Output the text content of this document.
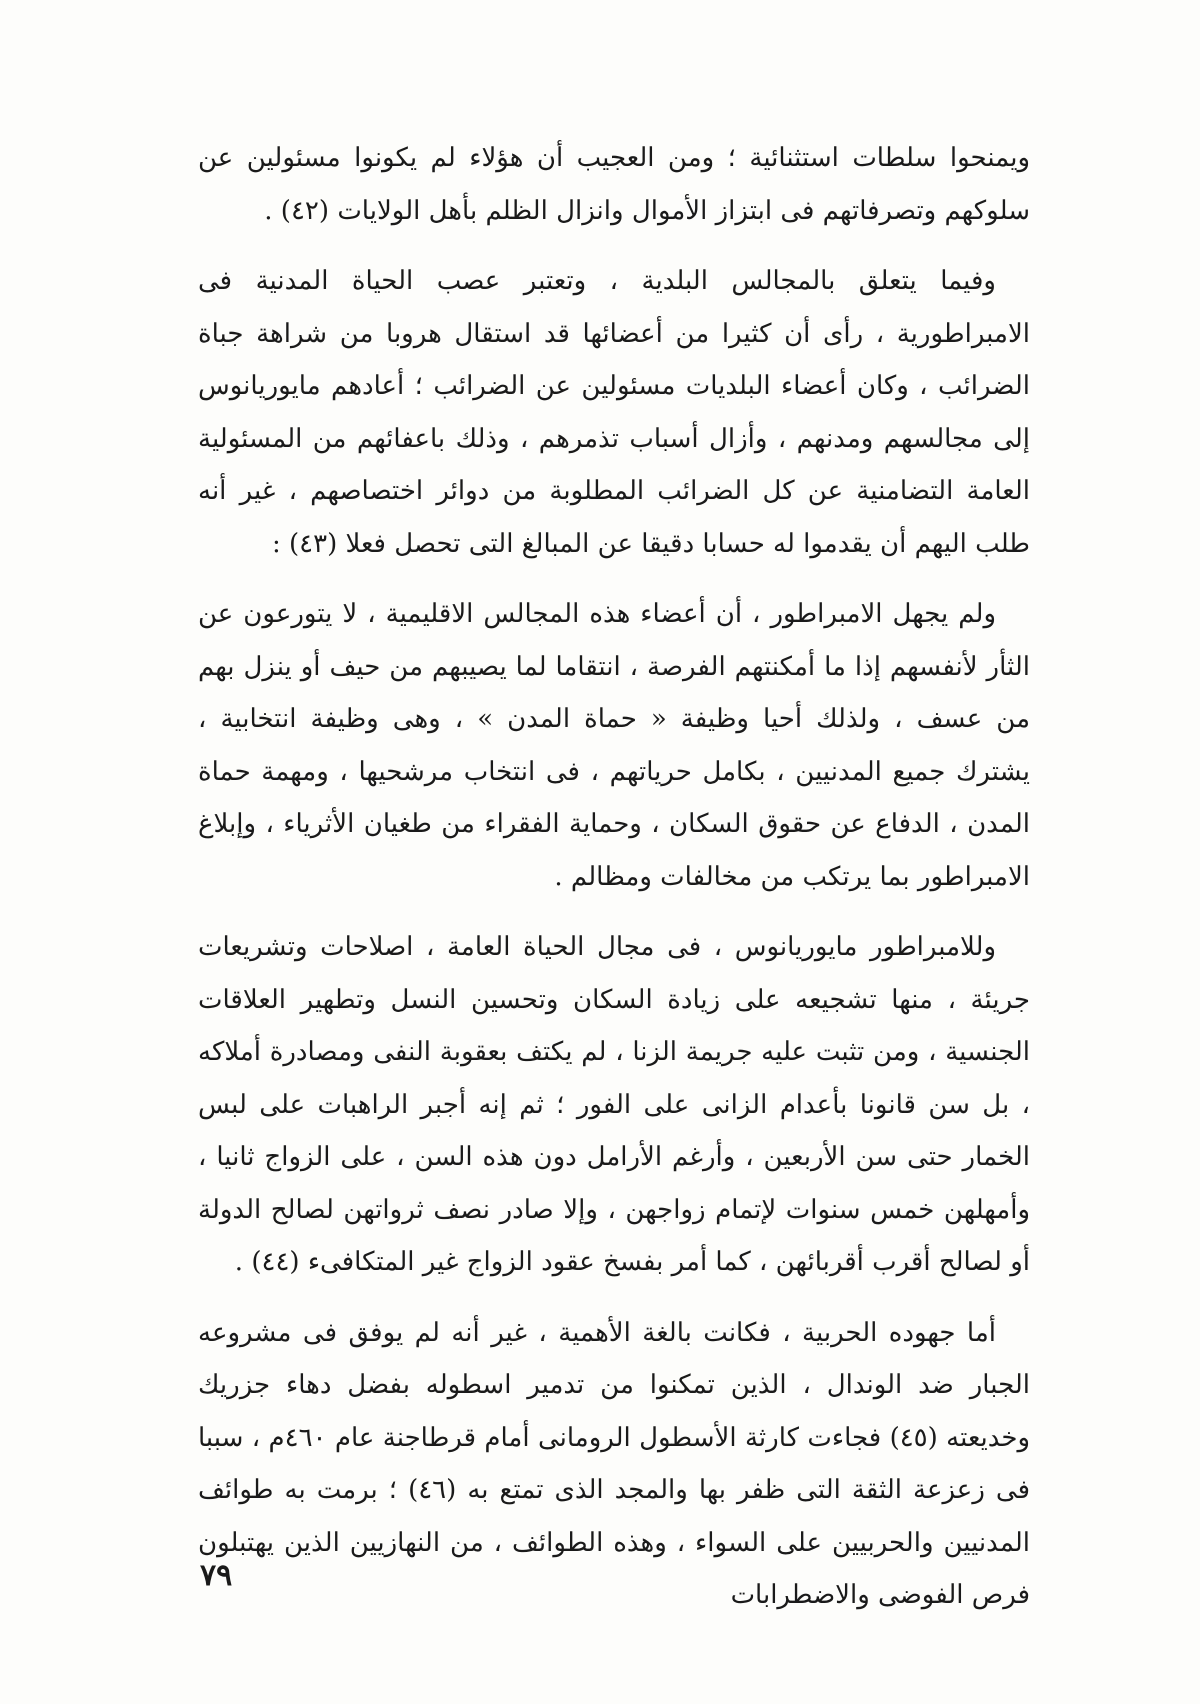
ويمنحوا سلطات استثنائية ؛ ومن العجيب أن هؤلاء لم يكونوا مسئولين عن سلوكهم وتصرفاتهم فى ابتزاز الأموال وانزال الظلم بأهل الولايات (٤٢) .

وفيما يتعلق بالمجالس البلدية ، وتعتبر عصب الحياة المدنية فى الامبراطورية ، رأى أن كثيرا من أعضائها قد استقال هروبا من شراهة جباة الضرائب ، وكان أعضاء البلديات مسئولين عن الضرائب ؛ أعادهم مايوريانوس إلى مجالسهم ومدنهم ، وأزال أسباب تذمرهم ، وذلك باعفائهم من المسئولية العامة التضامنية عن كل الضرائب المطلوبة من دوائر اختصاصهم ، غير أنه طلب اليهم أن يقدموا له حسابا دقيقا عن المبالغ التى تحصل فعلا (٤٣) :

ولم يجهل الامبراطور ، أن أعضاء هذه المجالس الاقليمية ، لا يتورعون عن الثأر لأنفسهم إذا ما أمكنتهم الفرصة ، انتقاما لما يصيبهم من حيف أو ينزل بهم من عسف ، ولذلك أحيا وظيفة « حماة المدن » ، وهى وظيفة انتخابية ، يشترك جميع المدنيين ، بكامل حرياتهم ، فى انتخاب مرشحيها ، ومهمة حماة المدن ، الدفاع عن حقوق السكان ، وحماية الفقراء من طغيان الأثرياء ، وإبلاغ الامبراطور بما يرتكب من مخالفات ومظالم .

وللامبراطور مايوريانوس ، فى مجال الحياة العامة ، اصلاحات وتشريعات جريئة ، منها تشجيعه على زيادة السكان وتحسين النسل وتطهير العلاقات الجنسية ، ومن تثبت عليه جريمة الزنا ، لم يكتف بعقوبة النفى ومصادرة أملاكه ، بل سن قانونا بأعدام الزانى على الفور ؛ ثم إنه أجبر الراهبات على لبس الخمار حتى سن الأربعين ، وأرغم الأرامل دون هذه السن ، على الزواج ثانيا ، وأمهلهن خمس سنوات لإتمام زواجهن ، وإلا صادر نصف ثرواتهن لصالح الدولة أو لصالح أقرب أقربائهن ، كما أمر بفسخ عقود الزواج غير المتكافىء (٤٤) .

أما جهوده الحربية ، فكانت بالغة الأهمية ، غير أنه لم يوفق فى مشروعه الجبار ضد الوندال ، الذين تمكنوا من تدمير اسطوله بفضل دهاء جزريك وخديعته (٤٥) فجاءت كارثة الأسطول الرومانى أمام قرطاجنة عام ٤٦٠م ، سببا فى زعزعة الثقة التى ظفر بها والمجد الذى تمتع به (٤٦) ؛ برمت به طوائف المدنيين والحربيين على السواء ، وهذه الطوائف ، من النهازيين الذين يهتبلون فرص الفوضى والاضطرابات

٧٩
